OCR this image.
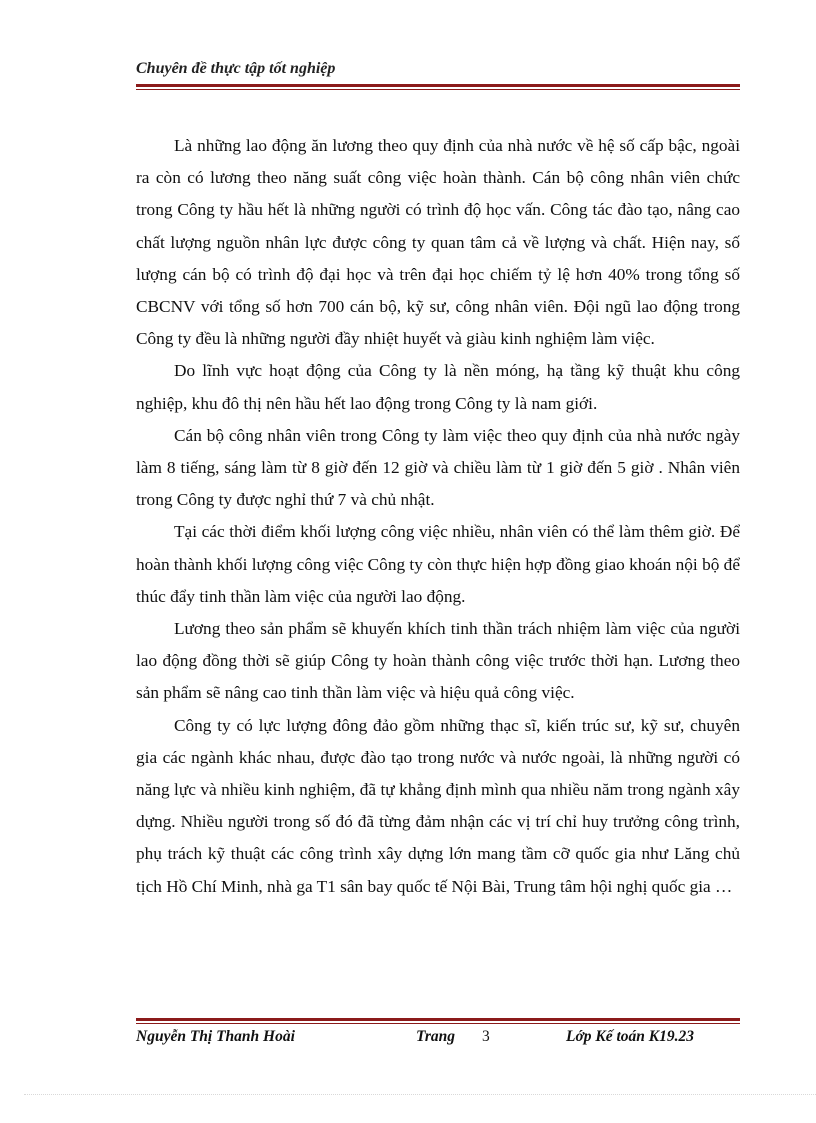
Chuyên đề thực tập tốt nghiệp

Là những lao động ăn lương theo quy định của nhà nước về hệ số cấp bậc, ngoài ra còn có lương theo năng suất công việc hoàn thành. Cán bộ công nhân viên chức trong Công ty hầu hết là những người có trình độ học vấn. Công tác đào tạo, nâng cao chất lượng nguồn nhân lực được công ty quan tâm cả về lượng và chất. Hiện nay, số lượng cán bộ có trình độ đại học và trên đại học chiếm tỷ lệ hơn 40% trong tổng số CBCNV với tổng số hơn 700 cán bộ, kỹ sư, công nhân viên. Đội ngũ lao động trong Công ty đều là những người đầy nhiệt huyết và giàu kinh nghiệm làm việc.

Do lĩnh vực hoạt động của Công ty là nền móng, hạ tầng kỹ thuật khu công nghiệp, khu đô thị nên hầu hết lao động trong Công ty là nam giới.

Cán bộ công nhân viên trong Công ty làm việc theo quy định của nhà nước ngày làm 8 tiếng, sáng làm từ 8 giờ đến 12 giờ và chiều làm từ 1 giờ đến 5 giờ . Nhân viên trong Công ty được nghỉ thứ 7 và chủ nhật.

Tại các thời điểm khối lượng công việc nhiều, nhân viên có thể làm thêm giờ. Để hoàn thành khối lượng công việc Công ty còn thực hiện hợp đồng giao khoán nội bộ để thúc đẩy tinh thần làm việc của người lao động.

Lương theo sản phẩm sẽ khuyến khích tinh thần trách nhiệm làm việc của người lao động đồng thời sẽ giúp Công ty hoàn thành công việc trước thời hạn. Lương theo sản phẩm sẽ nâng cao tinh thần làm việc và hiệu quả công việc.

Công ty có lực lượng đông đảo gồm những thạc sĩ, kiến trúc sư, kỹ sư, chuyên gia các ngành khác nhau, được đào tạo trong nước và nước ngoài, là những người có năng lực và nhiều kinh nghiệm, đã tự khẳng định mình qua nhiều năm trong ngành xây dựng. Nhiều người trong số đó đã từng đảm nhận các vị trí chỉ huy trưởng công trình, phụ trách kỹ thuật các công trình xây dựng lớn mang tầm cỡ quốc gia như Lăng chủ tịch Hồ Chí Minh, nhà ga T1 sân bay quốc tế Nội Bài, Trung tâm hội nghị quốc gia …

Nguyễn Thị Thanh Hoài	Trang 3	Lớp Kế toán K19.23
